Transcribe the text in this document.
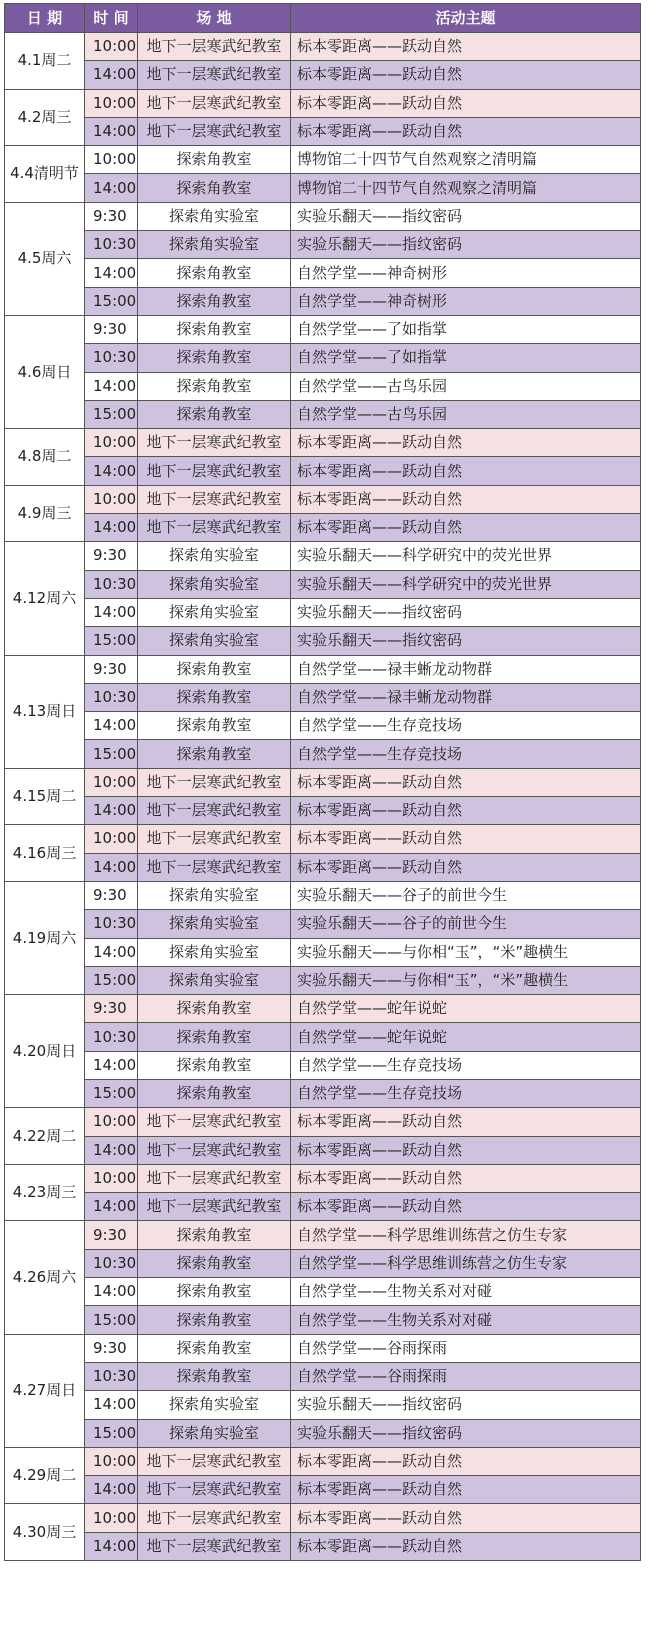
日 期	时 间	场 地	活动主题
4.1周二	10:00	地下一层寒武纪教室	标本零距离——跃动自然
	14:00	地下一层寒武纪教室	标本零距离——跃动自然
4.2周三	10:00	地下一层寒武纪教室	标本零距离——跃动自然
	14:00	地下一层寒武纪教室	标本零距离——跃动自然
4.4清明节	10:00	探索角教室	博物馆二十四节气自然观察之清明篇
	14:00	探索角教室	博物馆二十四节气自然观察之清明篇
4.5周六	9:30	探索角实验室	实验乐翻天——指纹密码
	10:30	探索角实验室	实验乐翻天——指纹密码
	14:00	探索角教室	自然学堂——神奇树形
	15:00	探索角教室	自然学堂——神奇树形
4.6周日	9:30	探索角教室	自然学堂——了如指掌
	10:30	探索角教室	自然学堂——了如指掌
	14:00	探索角教室	自然学堂——古鸟乐园
	15:00	探索角教室	自然学堂——古鸟乐园
4.8周二	10:00	地下一层寒武纪教室	标本零距离——跃动自然
	14:00	地下一层寒武纪教室	标本零距离——跃动自然
4.9周三	10:00	地下一层寒武纪教室	标本零距离——跃动自然
	14:00	地下一层寒武纪教室	标本零距离——跃动自然
4.12周六	9:30	探索角实验室	实验乐翻天——科学研究中的荧光世界
	10:30	探索角实验室	实验乐翻天——科学研究中的荧光世界
	14:00	探索角实验室	实验乐翻天——指纹密码
	15:00	探索角实验室	实验乐翻天——指纹密码
4.13周日	9:30	探索角教室	自然学堂——禄丰蜥龙动物群
	10:30	探索角教室	自然学堂——禄丰蜥龙动物群
	14:00	探索角教室	自然学堂——生存竞技场
	15:00	探索角教室	自然学堂——生存竞技场
4.15周二	10:00	地下一层寒武纪教室	标本零距离——跃动自然
	14:00	地下一层寒武纪教室	标本零距离——跃动自然
4.16周三	10:00	地下一层寒武纪教室	标本零距离——跃动自然
	14:00	地下一层寒武纪教室	标本零距离——跃动自然
4.19周六	9:30	探索角实验室	实验乐翻天——谷子的前世今生
	10:30	探索角实验室	实验乐翻天——谷子的前世今生
	14:00	探索角实验室	实验乐翻天——与你相“玉”，“米”趣横生
	15:00	探索角实验室	实验乐翻天——与你相“玉”，“米”趣横生
4.20周日	9:30	探索角教室	自然学堂——蛇年说蛇
	10:30	探索角教室	自然学堂——蛇年说蛇
	14:00	探索角教室	自然学堂——生存竞技场
	15:00	探索角教室	自然学堂——生存竞技场
4.22周二	10:00	地下一层寒武纪教室	标本零距离——跃动自然
	14:00	地下一层寒武纪教室	标本零距离——跃动自然
4.23周三	10:00	地下一层寒武纪教室	标本零距离——跃动自然
	14:00	地下一层寒武纪教室	标本零距离——跃动自然
4.26周六	9:30	探索角教室	自然学堂——科学思维训练营之仿生专家
	10:30	探索角教室	自然学堂——科学思维训练营之仿生专家
	14:00	探索角教室	自然学堂——生物关系对对碰
	15:00	探索角教室	自然学堂——生物关系对对碰
4.27周日	9:30	探索角教室	自然学堂——谷雨探雨
	10:30	探索角教室	自然学堂——谷雨探雨
	14:00	探索角实验室	实验乐翻天——指纹密码
	15:00	探索角实验室	实验乐翻天——指纹密码
4.29周二	10:00	地下一层寒武纪教室	标本零距离——跃动自然
	14:00	地下一层寒武纪教室	标本零距离——跃动自然
4.30周三	10:00	地下一层寒武纪教室	标本零距离——跃动自然
	14:00	地下一层寒武纪教室	标本零距离——跃动自然
